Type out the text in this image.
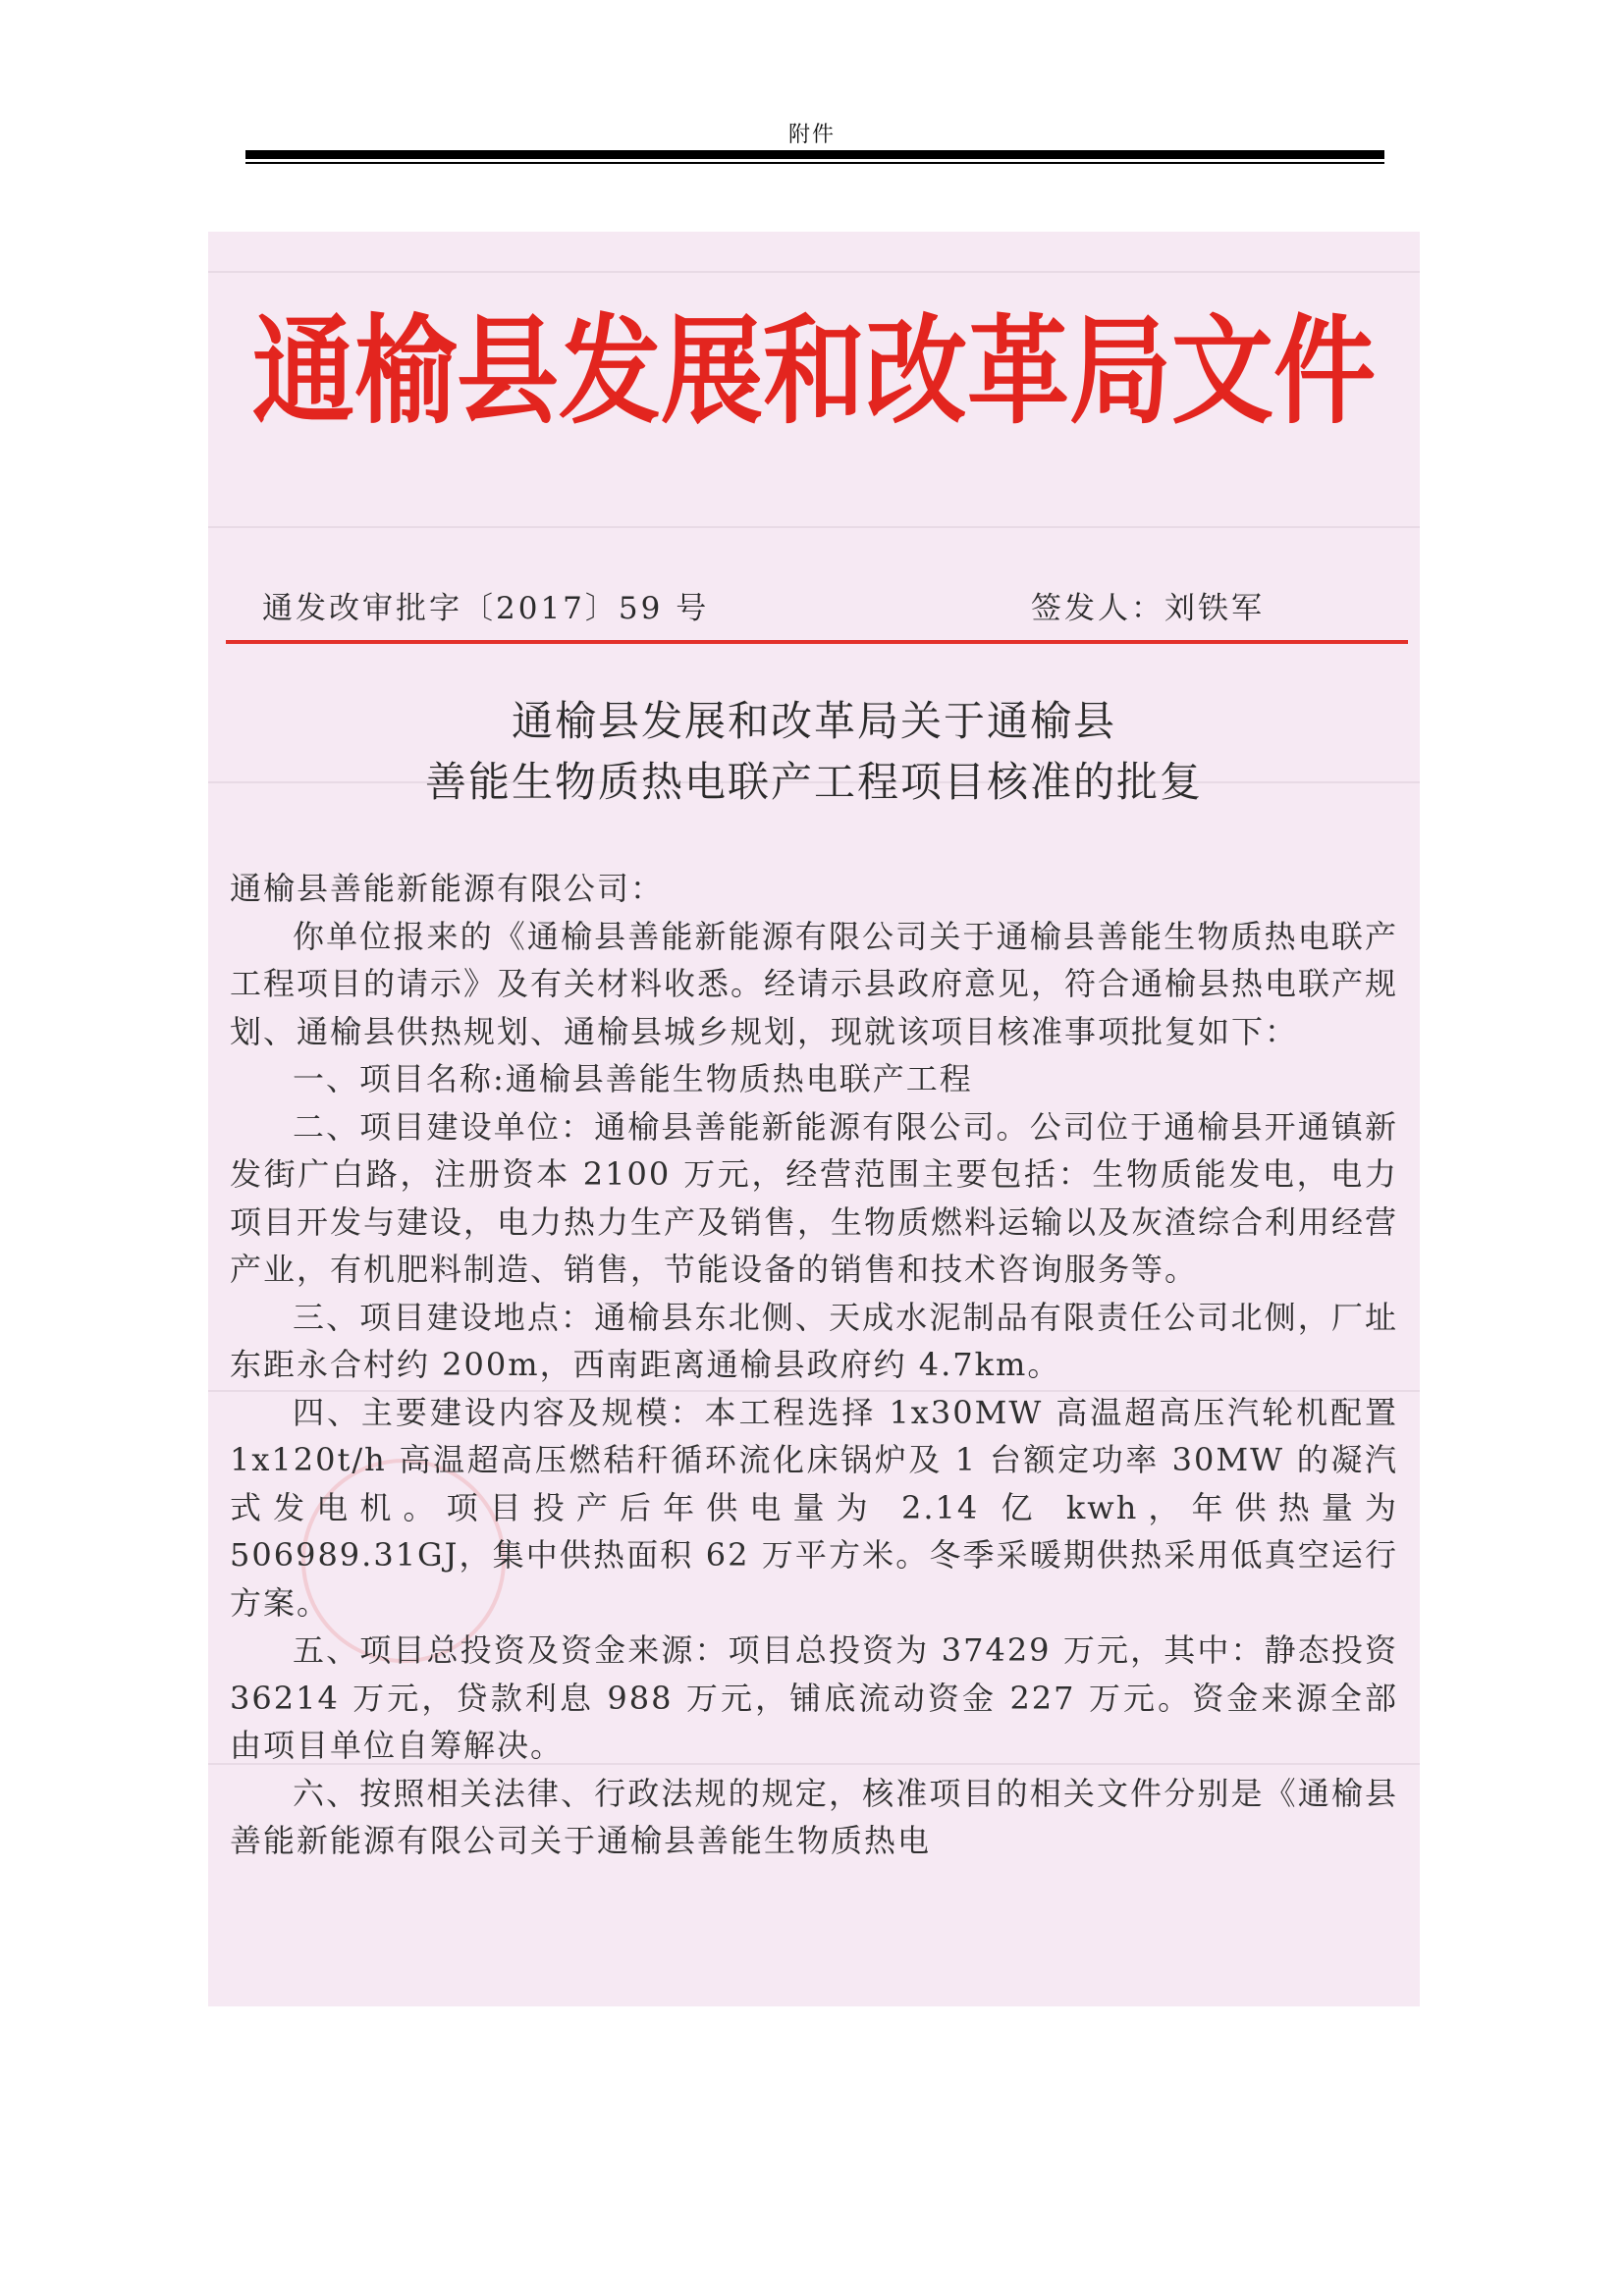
附件
通榆县发展和改革局文件
通发改审批字〔2017〕59 号	签发人：刘铁军
通榆县发展和改革局关于通榆县
善能生物质热电联产工程项目核准的批复

通榆县善能新能源有限公司：

你单位报来的《通榆县善能新能源有限公司关于通榆县善能生物质热电联产工程项目的请示》及有关材料收悉。经请示县政府意见，符合通榆县热电联产规划、通榆县供热规划、通榆县城乡规划，现就该项目核准事项批复如下：

一、项目名称:通榆县善能生物质热电联产工程

二、项目建设单位：通榆县善能新能源有限公司。公司位于通榆县开通镇新发街广白路，注册资本 2100 万元，经营范围主要包括：生物质能发电，电力项目开发与建设，电力热力生产及销售，生物质燃料运输以及灰渣综合利用经营产业，有机肥料制造、销售，节能设备的销售和技术咨询服务等。

三、项目建设地点：通榆县东北侧、天成水泥制品有限责任公司北侧，厂址东距永合村约 200m，西南距离通榆县政府约 4.7km。

四、主要建设内容及规模：本工程选择 1x30MW 高温超高压汽轮机配置 1x120t/h 高温超高压燃秸秆循环流化床锅炉及 1 台额定功率 30MW 的凝汽式发电机。项目投产后年供电量为 2.14 亿 kwh，年供热量为 506989.31GJ，集中供热面积 62 万平方米。冬季采暖期供热采用低真空运行方案。

五、项目总投资及资金来源：项目总投资为 37429 万元，其中：静态投资 36214 万元，贷款利息 988 万元，铺底流动资金 227 万元。资金来源全部由项目单位自筹解决。

六、按照相关法律、行政法规的规定，核准项目的相关文件分别是《通榆县善能新能源有限公司关于通榆县善能生物质热电
